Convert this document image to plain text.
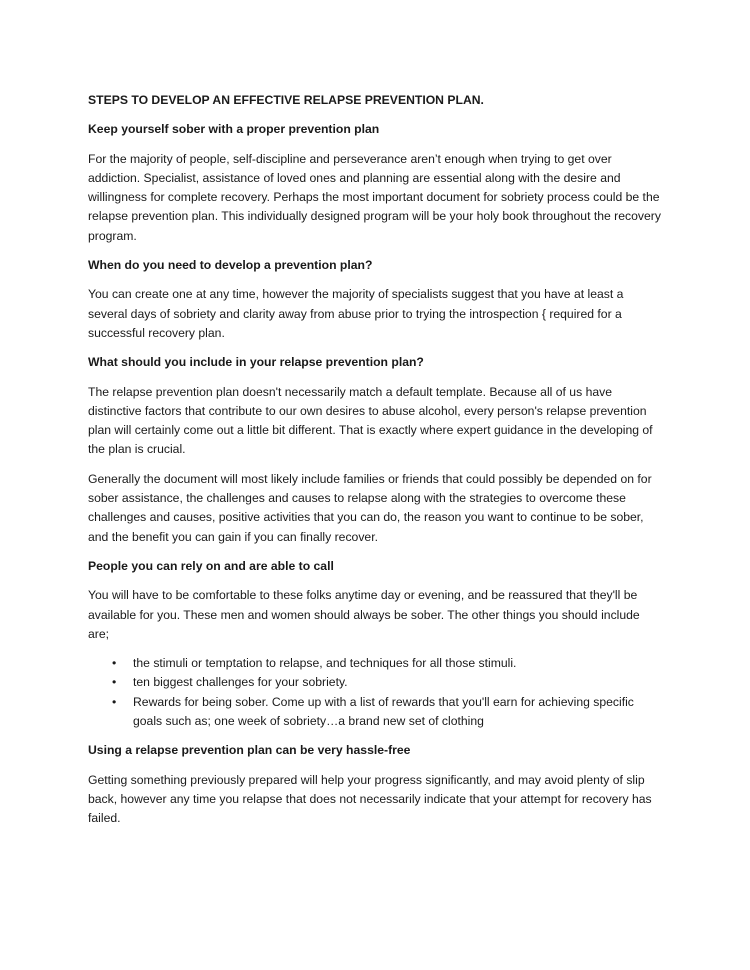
STEPS TO DEVELOP AN EFFECTIVE RELAPSE PREVENTION PLAN.

Keep yourself sober with a proper prevention plan

For the majority of people, self-discipline and perseverance aren’t enough when trying to get over addiction. Specialist, assistance of loved ones and planning are essential along with the desire and willingness for complete recovery. Perhaps the most important document for sobriety process could be the relapse prevention plan. This individually designed program will be your holy book throughout the recovery program.

When do you need to develop a prevention plan?

You can create one at any time, however the majority of specialists suggest that you have at least a several days of sobriety and clarity away from abuse prior to trying the introspection { required for a successful recovery plan.

What should you include in your relapse prevention plan?

The relapse prevention plan doesn't necessarily match a default template. Because all of us have distinctive factors that contribute to our own desires to abuse alcohol, every person's relapse prevention plan will certainly come out a little bit different. That is exactly where expert guidance in the developing of the plan is crucial.

Generally the document will most likely include families or friends that could possibly be depended on for sober assistance, the challenges and causes to relapse along with the strategies to overcome these challenges and causes, positive activities that you can do, the reason you want to continue to be sober, and the benefit you can gain if you can finally recover.

People you can rely on and are able to call

You will have to be comfortable to these folks anytime day or evening, and be reassured that they'll be available for you. These men and women should always be sober. The other things you should include are;

•	the stimuli or temptation to relapse, and techniques for all those stimuli.
•	ten biggest challenges for your sobriety.
•	Rewards for being sober. Come up with a list of rewards that you'll earn for achieving specific goals such as; one week of sobriety…a brand new set of clothing

Using a relapse prevention plan can be very hassle-free

Getting something previously prepared will help your progress significantly, and may avoid plenty of slip back, however any time you relapse that does not necessarily indicate that your attempt for recovery has failed.
